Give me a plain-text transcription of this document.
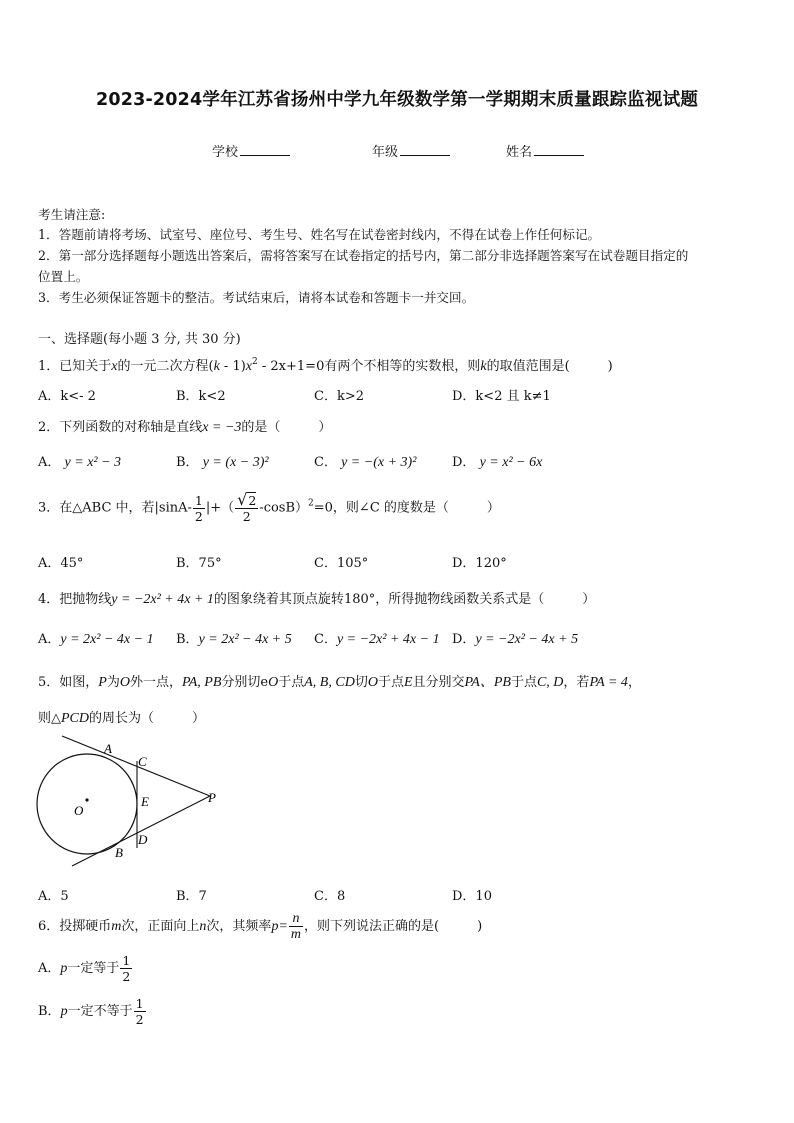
2023-2024学年江苏省扬州中学九年级数学第一学期期末质量跟踪监视试题
学校	年级	姓名
考生请注意:
1．答题前请将考场、试室号、座位号、考生号、姓名写在试卷密封线内，不得在试卷上作任何标记。
2．第一部分选择题每小题选出答案后，需将答案写在试卷指定的括号内，第二部分非选择题答案写在试卷题目指定的
位置上。
3．考生必须保证答题卡的整洁。考试结束后，请将本试卷和答题卡一并交回。
一、选择题(每小题 3 分, 共 30 分)
1．已知关于x的一元二次方程$(k - 1)x^2 - 2x+1=0$有两个不相等的实数根，则k的取值范围是(	)
A．k<- 2	B．k<2	C．k>2	D．k<2 且 k≠1
2．下列函数的对称轴是直线x = −3的是（	）
A． y = x² − 3	B． y = (x − 3)²	C． y = −(x + 3)²	D． y = x² − 6x
3．在△ABC 中，若$|\sin A- \frac{1}{2}$ |+（ $\frac{√2}{2} -\cos B)^2=0$，则∠C 的度数是（	）
A．45°	B．75°	C．105°	D．120°
4．把抛物线y = −2x² + 4x + 1的图象绕着其顶点旋转180°，所得抛物线函数关系式是（	）
A．y = 2x² − 4x − 1 B．y = 2x² − 4x + 5 C．y = −2x² + 4x − 1 D．y = −2x² − 4x + 5
5．如图，P为O外一点，PA, PB分别切eO于点A, B, CD切O于点E且分别交PA、PB于点C, D，若PA = 4，
则△PCD的周长为（	）
A
C
O
E	P
D
B
A．5	B．7	C．8	D．10
6．投掷硬币m次，正面向上n次，其频率$p= \frac{n}{m}$ ，则下列说法正确的是(	)
A．p一定等于 $\frac{1}{2}$
B．p一定不等于 $\frac{1}{2}$
